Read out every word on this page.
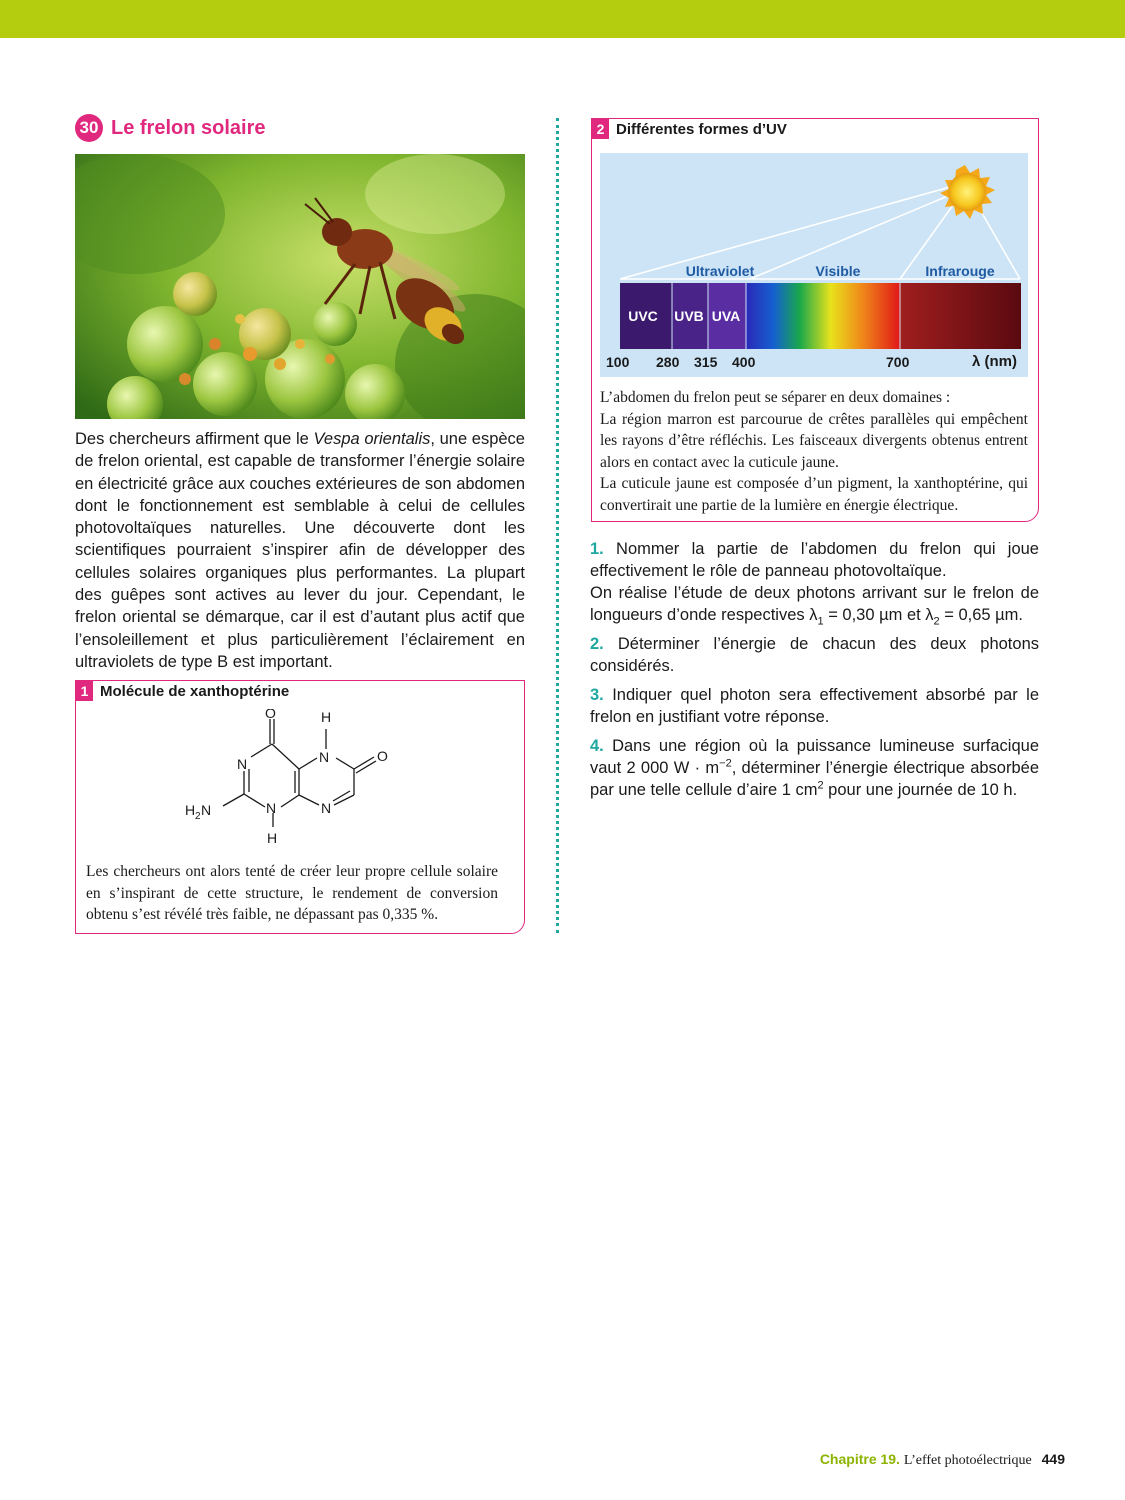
30 Le frelon solaire

Des chercheurs affirment que le Vespa orientalis, une espèce de frelon oriental, est capable de transformer l’énergie solaire en électricité grâce aux couches extérieures de son abdomen dont le fonctionnement est semblable à celui de cellules photovoltaïques naturelles. Une découverte dont les scientifiques pourraient s’inspirer afin de développer des cellules solaires organiques plus performantes. La plupart des guêpes sont actives au lever du jour. Cependant, le frelon oriental se démarque, car il est d’autant plus actif que l’ensoleillement et plus particulièrement l’éclairement en ultraviolets de type B est important.

1 Molécule de xanthoptérine
O	H
N	O
N
N	N
H
H 2 N

Les chercheurs ont alors tenté de créer leur propre cellule solaire en s’inspirant de cette structure, le rendement de conversion obtenu s’est révélé très faible, ne dépassant pas 0,335 %.

2 Différentes formes d’UV
Ultraviolet	Visible	Infrarouge
UVC UVB UVA
100 280 315 400	700	λ (nm)

L’abdomen du frelon peut se séparer en deux domaines :

La région marron est parcourue de crêtes parallèles qui empêchent les rayons d’être réfléchis. Les faisceaux divergents obtenus entrent alors en contact avec la cuticule jaune.

La cuticule jaune est composée d’un pigment, la xanthoptérine, qui convertirait une partie de la lumière en énergie électrique.

1. Nommer la partie de l’abdomen du frelon qui joue effectivement le rôle de panneau photovoltaïque.
On réalise l’étude de deux photons arrivant sur le frelon de longueurs d’onde respectives $\lambda_1 = 0,30$ µm et $\lambda_2 = 0,65$ µm.

2. Déterminer l’énergie de chacun des deux photons considérés.

3. Indiquer quel photon sera effectivement absorbé par le frelon en justifiant votre réponse.

4. Dans une région où la puissance lumineuse surfacique vaut 2 000 $W \cdot m^{-2}$, déterminer l’énergie électrique absorbée par une telle cellule d’aire 1 $cm^2$ pour une journée de 10 h.

Chapitre 19. L’effet photoélectrique 449
